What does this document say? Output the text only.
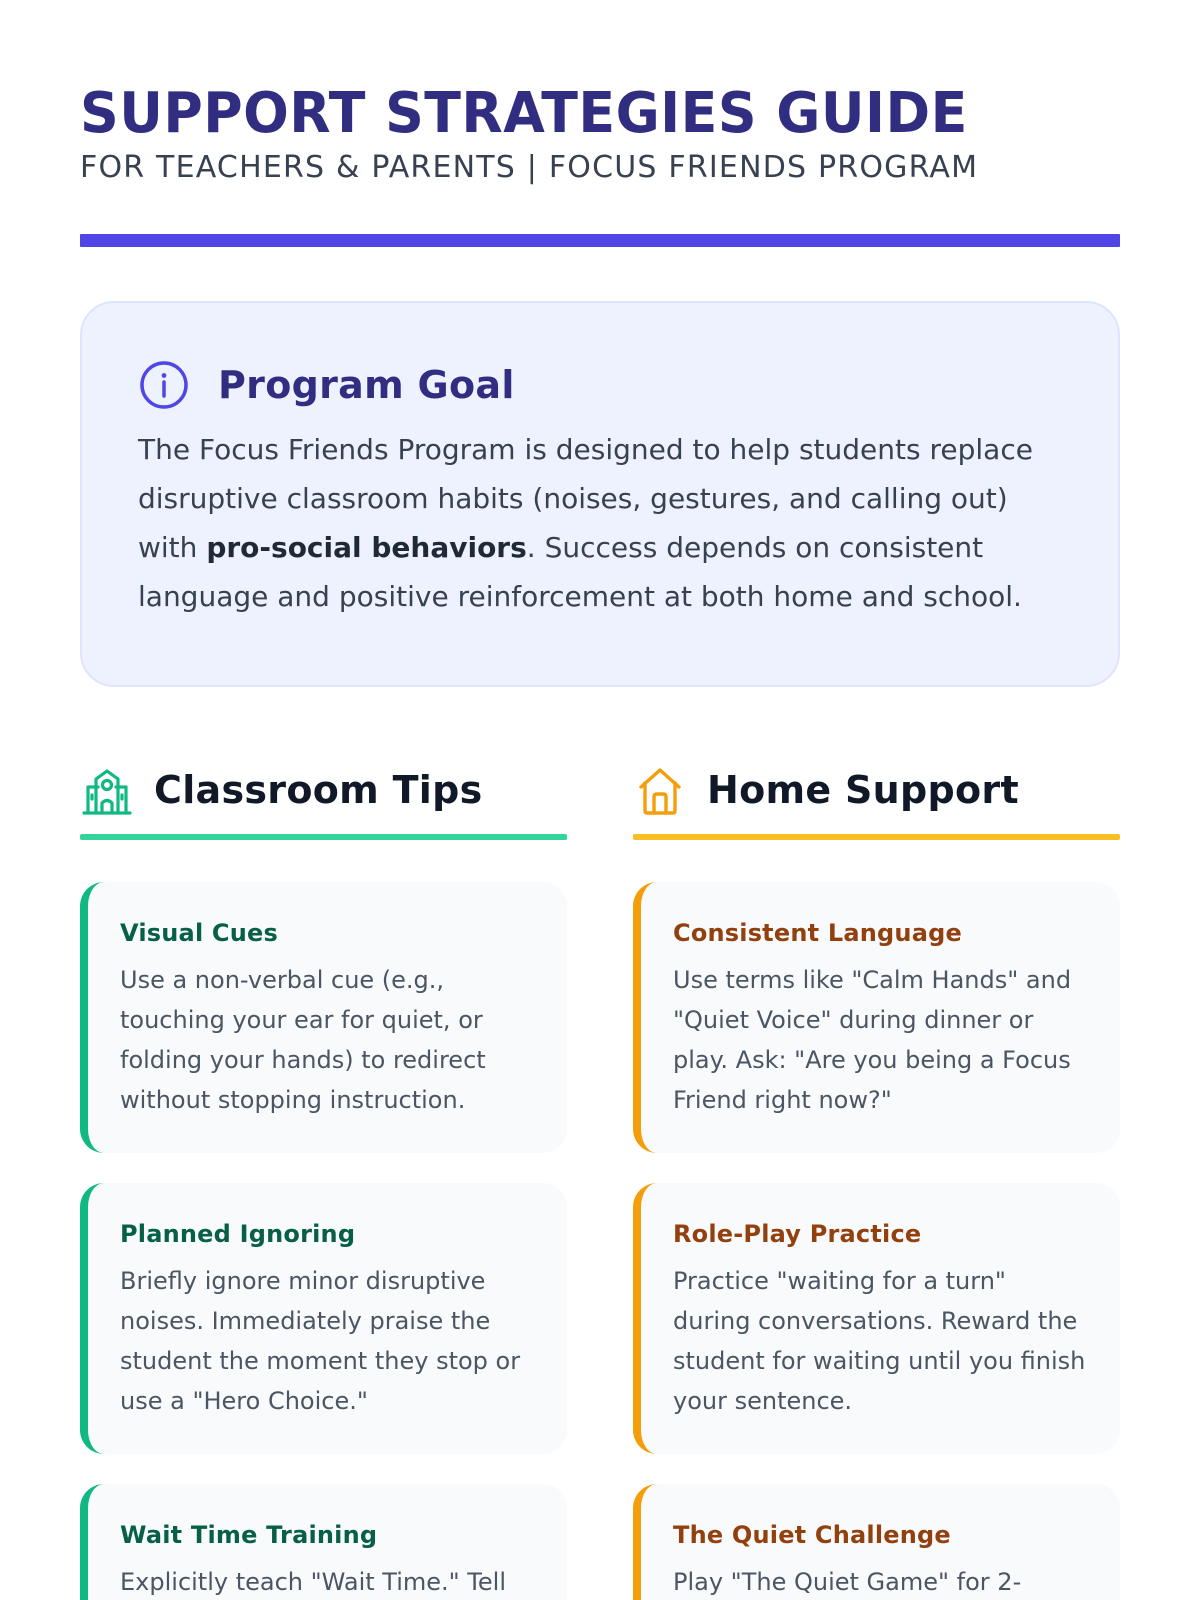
SUPPORT STRATEGIES GUIDE
FOR TEACHERS & PARENTS | FOCUS FRIENDS PROGRAM
Program Goal
The Focus Friends Program is designed to help students replace disruptive classroom habits (noises, gestures, and calling out) with pro-social behaviors. Success depends on consistent language and positive reinforcement at both home and school.
Classroom Tips
Visual Cues
Use a non-verbal cue (e.g., touching your ear for quiet, or folding your hands) to redirect without stopping instruction.
Planned Ignoring
Briefly ignore minor disruptive noises. Immediately praise the student the moment they stop or use a "Hero Choice."
Wait Time Training
Explicitly teach "Wait Time." Tell
Home Support
Consistent Language
Use terms like "Calm Hands" and "Quiet Voice" during dinner or play. Ask: "Are you being a Focus Friend right now?"
Role-Play Practice
Practice "waiting for a turn" during conversations. Reward the student for waiting until you finish your sentence.
The Quiet Challenge
Play "The Quiet Game" for 2-
